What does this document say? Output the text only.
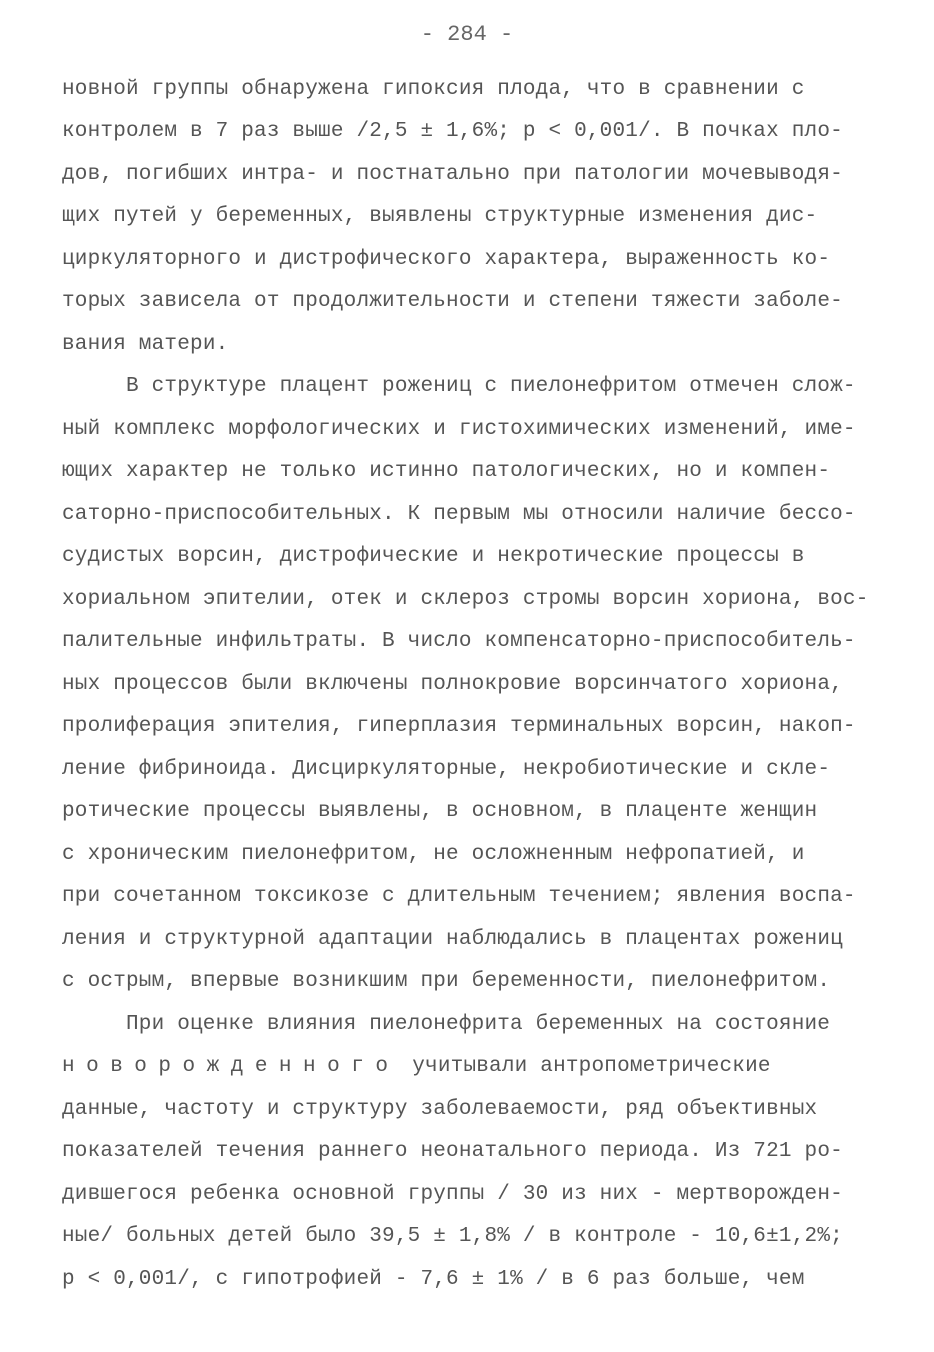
- 284 -
новной группы обнаружена гипоксия плода, что в сравнении с
контролем в 7 раз выше /2,5 ± 1,6%; р < 0,001/. В почках пло-
дов, погибших интра- и постнатально при патологии мочевыводя-
щих путей у беременных, выявлены структурные изменения дис-
циркуляторного и дистрофического характера, выраженность ко-
торых зависела от продолжительности и степени тяжести заболе-
вания матери.
В структуре плацент рожениц с пиелонефритом отмечен слож-
ный комплекс морфологических и гистохимических изменений, име-
ющих характер не только истинно патологических, но и компен-
саторно-приспособительных. К первым мы относили наличие бессо-
судистых ворсин, дистрофические и некротические процессы в
хориальном эпителии, отек и склероз стромы ворсин хориона, вос-
палительные инфильтраты. В число компенсаторно-приспособитель-
ных процессов были включены полнокровие ворсинчатого хориона,
пролиферация эпителия, гиперплазия терминальных ворсин, накоп-
ление фибриноида. Дисциркуляторные, некробиотические и скле-
ротические процессы выявлены, в основном, в плаценте женщин
с хроническим пиелонефритом, не осложненным нефропатией, и
при сочетанном токсикозе с длительным течением; явления воспа-
ления и структурной адаптации наблюдались в плацентах рожениц
с острым, впервые возникшим при беременности, пиелонефритом.
При оценке влияния пиелонефрита беременных на состояние
новорожденного учитывали антропометрические
данные, частоту и структуру заболеваемости, ряд объективных
показателей течения раннего неонатального периода. Из 721 ро-
дившегося ребенка основной группы / 30 из них - мертворожден-
ные/ больных детей было 39,5 ± 1,8% / в контроле - 10,6±1,2%;
р < 0,001/, с гипотрофией - 7,6 ± 1% / в 6 раз больше, чем
